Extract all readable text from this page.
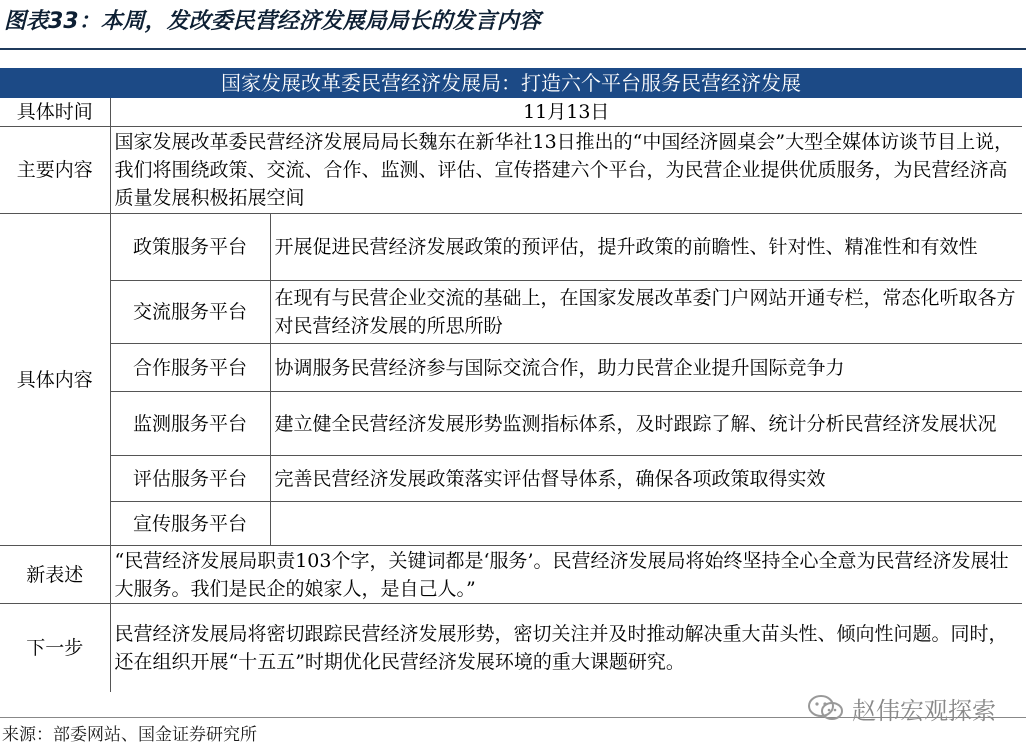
图表33：本周，发改委民营经济发展局局长的发言内容
国家发展改革委民营经济发展局：打造六个平台服务民营经济发展		
具体时间	11月13日	
主要内容	国家发展改革委民营经济发展局局长魏东在新华社13日推出的“中国经济圆桌会”大型全媒体访谈节目上说，我们将围绕政策、交流、合作、监测、评估、宣传搭建六个平台，为民营企业提供优质服务，为民营经济高质量发展积极拓展空间	
具体内容	政策服务平台	开展促进民营经济发展政策的预评估，提升政策的前瞻性、针对性、精准性和有效性
	交流服务平台	在现有与民营企业交流的基础上，在国家发展改革委门户网站开通专栏，常态化听取各方对民营经济发展的所思所盼
	合作服务平台	协调服务民营经济参与国际交流合作，助力民营企业提升国际竞争力
	监测服务平台	建立健全民营经济发展形势监测指标体系，及时跟踪了解、统计分析民营经济发展状况
	评估服务平台	完善民营经济发展政策落实评估督导体系，确保各项政策取得实效
	宣传服务平台	
新表述	“民营经济发展局职责103个字，关键词都是‘服务’。民营经济发展局将始终坚持全心全意为民营经济发展壮大服务。我们是民企的娘家人，是自己人。”	
下一步	民营经济发展局将密切跟踪民营经济发展形势，密切关注并及时推动解决重大苗头性、倾向性问题。同时，还在组织开展“十五五”时期优化民营经济发展环境的重大课题研究。	
来源：部委网站、国金证券研究所
赵伟宏观探索
